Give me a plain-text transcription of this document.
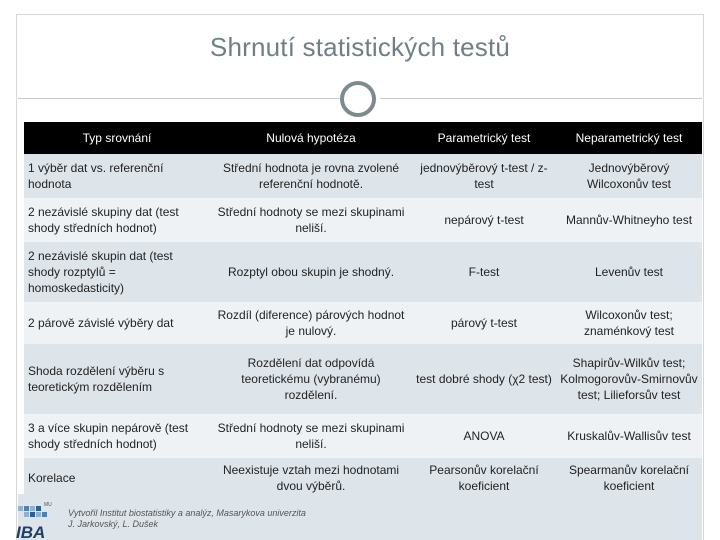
Shrnutí statistických testů
Typ srovnání	Nulová hypotéza	Parametrický test	Neparametrický test
1 výběr dat vs. referenční hodnota	Střední hodnota je rovna zvolené referenční hodnotě.	jednovýběrový t-test / z-test	Jednovýběrový Wilcoxonův test
2 nezávislé skupiny dat (test shody středních hodnot)	Střední hodnoty se mezi skupinami neliší.	nepárový t-test	Mannův-Whitneyho test
2 nezávislé skupin dat (test shody rozptylů = homoskedasticity)	Rozptyl obou skupin je shodný.	F-test	Levenův test
2 párově závislé výběry dat	Rozdíl (diference) párových hodnot je nulový.	párový t-test	Wilcoxonův test; znaménkový test
Shoda rozdělení výběru s teoretickým rozdělením	Rozdělení dat odpovídá teoretickému (vybranému) rozdělení.	test dobré shody (χ2 test)	Shapirův-Wilkův test; Kolmogorovův-Smirnovův test; Lilieforsův test
3 a více skupin nepárově (test shody středních hodnot)	Střední hodnoty se mezi skupinami neliší.	ANOVA	Kruskalův-Wallisův test
Korelace	Neexistuje vztah mezi hodnotami dvou výběrů.	Pearsonův korelační koeficient	Spearmanův korelační koeficient
MU
IBA
Vytvořil Institut biostatistiky a analýz, Masarykova univerzita
J. Jarkovský, L. Dušek
